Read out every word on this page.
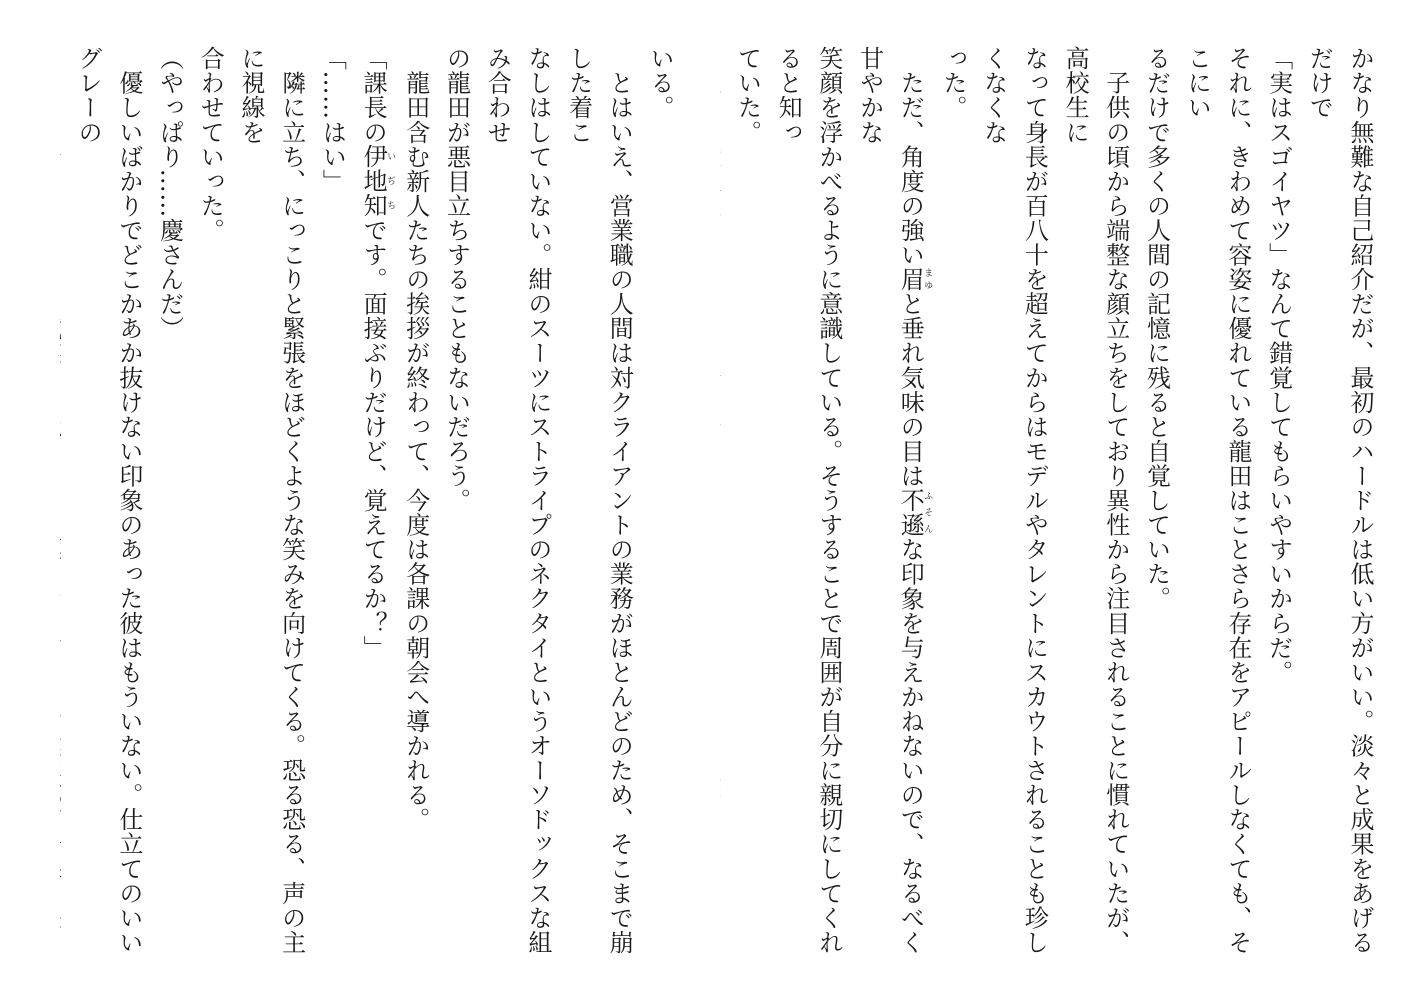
かなり無難な自己紹介だが、最初のハードルは低い方がいい。淡々と成果をあげるだけで

「実はスゴイヤツ」なんて錯覚してもらいやすいからだ。

それに、きわめて容姿に優れている龍田はことさら存在をアピールしなくても、そこにい

るだけで多くの人間の記憶に残ると自覚していた。

　子供の頃から端整な顔立ちをしており異性から注目されることに慣れていたが、高校生に

なって身長が百八十を超えてからはモデルやタレントにスカウトされることも珍しくなくな

った。

　ただ、角度の強い眉まゆと垂れ気味の目は不遜ふそんな印象を与えかねないので、なるべく甘やかな

笑顔を浮かべるように意識している。そうすることで周囲が自分に親切にしてくれると知っ

ていた。

いる。

　とはいえ、営業職の人間は対クライアントの業務がほとんどのため、そこまで崩した着こ

なしはしていない。紺のスーツにストライプのネクタイというオーソドックスな組み合わせ

の龍田が悪目立ちすることもないだろう。

　龍田含む新人たちの挨拶が終わって、今度は各課の朝会へ導かれる。

「課長の伊地知いぢちです。面接ぶりだけど、覚えてるか？」

「……はい」

　隣に立ち、にっこりと緊張をほどくような笑みを向けてくる。恐る恐る、声の主に視線を

合わせていった。

（やっぱり……慶さんだ）

　優しいばかりでどこかあか抜けない印象のあった彼はもういない。仕立てのいいグレーの
